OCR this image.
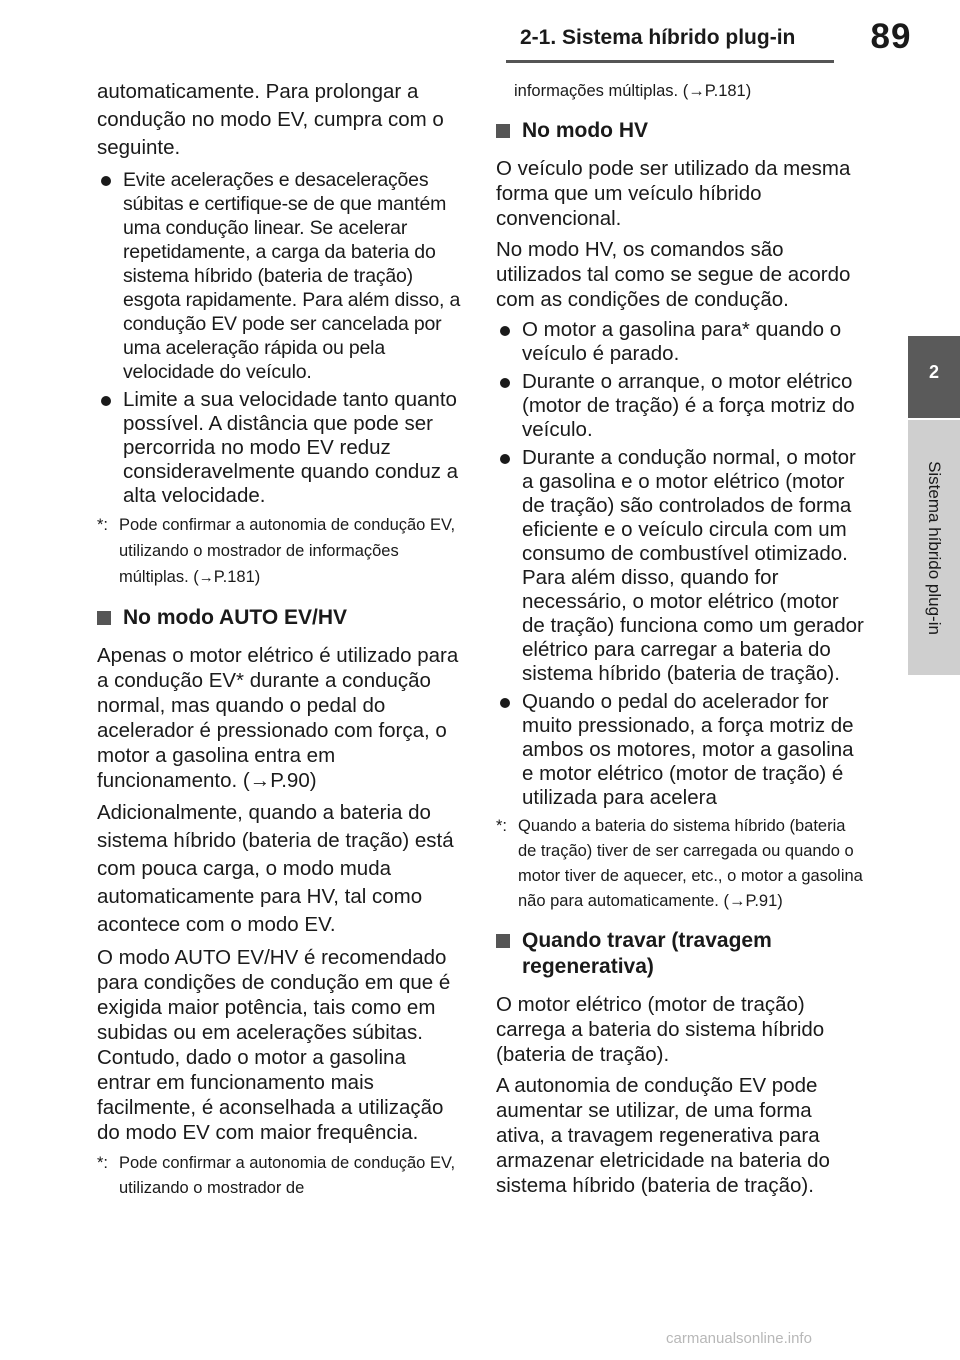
2-1. Sistema híbrido plug-in	89
2
Sistema híbrido plug-in

automaticamente. Para prolongar a condução no modo EV, cumpra com o seguinte.

Evite acelerações e desacelerações súbitas e certifique-se de que mantém uma condução linear. Se acelerar repetidamente, a carga da bateria do sistema híbrido (bateria de tração) esgota rapidamente. Para além disso, a condução EV pode ser cancelada por uma aceleração rápida ou pela velocidade do veículo.
Limite a sua velocidade tanto quanto possível. A distância que pode ser percorrida no modo EV reduz consideravelmente quando conduz a alta velocidade.
*: Pode confirmar a autonomia de condução EV, utilizando o mostrador de informações múltiplas. (→P.181)
No modo AUTO EV/HV

Apenas o motor elétrico é utilizado para a condução EV* durante a condução normal, mas quando o pedal do acelerador é pressionado com força, o motor a gasolina entra em funcionamento. (→P.90)

Adicionalmente, quando a bateria do sistema híbrido (bateria de tração) está com pouca carga, o modo muda automaticamente para HV, tal como acontece com o modo EV.

O modo AUTO EV/HV é recomendado para condições de condução em que é exigida maior potência, tais como em subidas ou em acelerações súbitas. Contudo, dado o motor a gasolina entrar em funcionamento mais facilmente, é aconselhada a utilização do modo EV com maior frequência.

*: Pode confirmar a autonomia de condução EV, utilizando o mostrador de
informações múltiplas. (→P.181)
No modo HV

O veículo pode ser utilizado da mesma forma que um veículo híbrido convencional.

No modo HV, os comandos são utilizados tal como se segue de acordo com as condições de condução.

O motor a gasolina para* quando o veículo é parado.
Durante o arranque, o motor elétrico (motor de tração) é a força motriz do veículo.
Durante a condução normal, o motor a gasolina e o motor elétrico (motor de tração) são controlados de forma eficiente e o veículo circula com um consumo de combustível otimizado. Para além disso, quando for necessário, o motor elétrico (motor de tração) funciona como um gerador elétrico para carregar a bateria do sistema híbrido (bateria de tração).
Quando o pedal do acelerador for muito pressionado, a força motriz de ambos os motores, motor a gasolina e motor elétrico (motor de tração) é utilizada para acelera
*: Quando a bateria do sistema híbrido (bateria de tração) tiver de ser carregada ou quando o motor tiver de aquecer, etc., o motor a gasolina não para automaticamente. (→P.91)
Quando travar (travagem regenerativa)

O motor elétrico (motor de tração) carrega a bateria do sistema híbrido (bateria de tração).

A autonomia de condução EV pode aumentar se utilizar, de uma forma ativa, a travagem regenerativa para armazenar eletricidade na bateria do sistema híbrido (bateria de tração).

carmanualsonline.info
